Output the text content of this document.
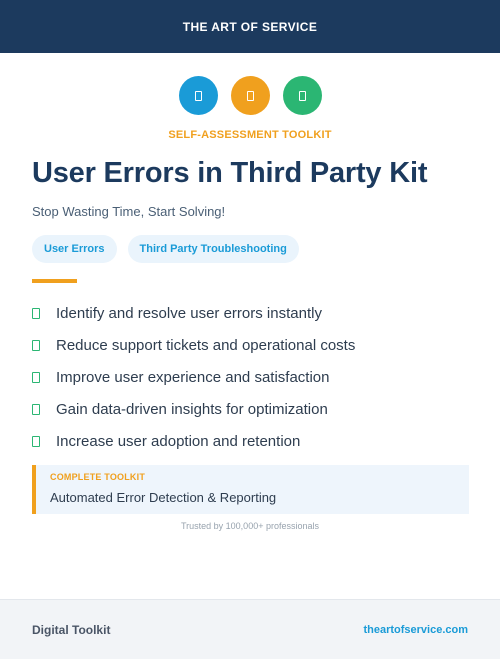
THE ART OF SERVICE
SELF-ASSESSMENT TOOLKIT
User Errors in Third Party Kit

Stop Wasting Time, Start Solving!

User Errors	Third Party Troubleshooting
Identify and resolve user errors instantly
Reduce support tickets and operational costs
Improve user experience and satisfaction
Gain data-driven insights for optimization
Increase user adoption and retention
COMPLETE TOOLKIT
Automated Error Detection & Reporting
Trusted by 100,000+ professionals
Digital Toolkit	theartofservice.com
